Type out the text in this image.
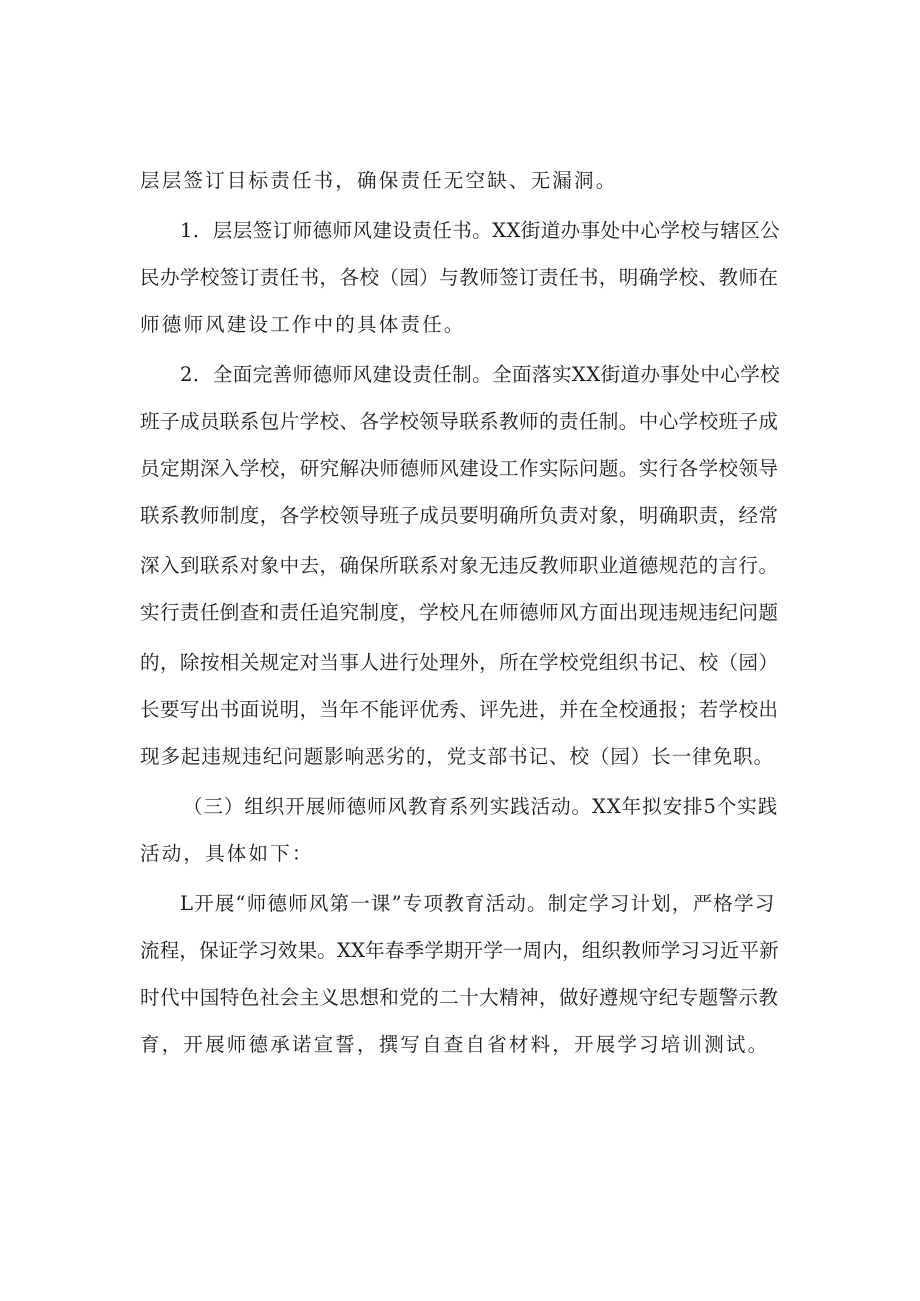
层层签订目标责任书，确保责任无空缺、无漏洞。
1．层层签订师德师风建设责任书。XX街道办事处中心学校与辖区公
民办学校签订责任书，各校（园）与教师签订责任书，明确学校、教师在
师德师风建设工作中的具体责任。
2．全面完善师德师风建设责任制。全面落实XX街道办事处中心学校
班子成员联系包片学校、各学校领导联系教师的责任制。中心学校班子成
员定期深入学校，研究解决师德师风建设工作实际问题。实行各学校领导
联系教师制度，各学校领导班子成员要明确所负责对象，明确职责，经常
深入到联系对象中去，确保所联系对象无违反教师职业道德规范的言行。
实行责任倒查和责任追究制度，学校凡在师德师风方面出现违规违纪问题
的，除按相关规定对当事人进行处理外，所在学校党组织书记、校（园）
长要写出书面说明，当年不能评优秀、评先进，并在全校通报；若学校出
现多起违规违纪问题影响恶劣的，党支部书记、校（园）长一律免职。
（三）组织开展师德师风教育系列实践活动。XX年拟安排5个实践
活动，具体如下：
L开展“师德师风第一课”专项教育活动。制定学习计划，严格学习
流程，保证学习效果。XX年春季学期开学一周内，组织教师学习习近平新
时代中国特色社会主义思想和党的二十大精神，做好遵规守纪专题警示教
育，开展师德承诺宣誓，撰写自查自省材料，开展学习培训测试。
